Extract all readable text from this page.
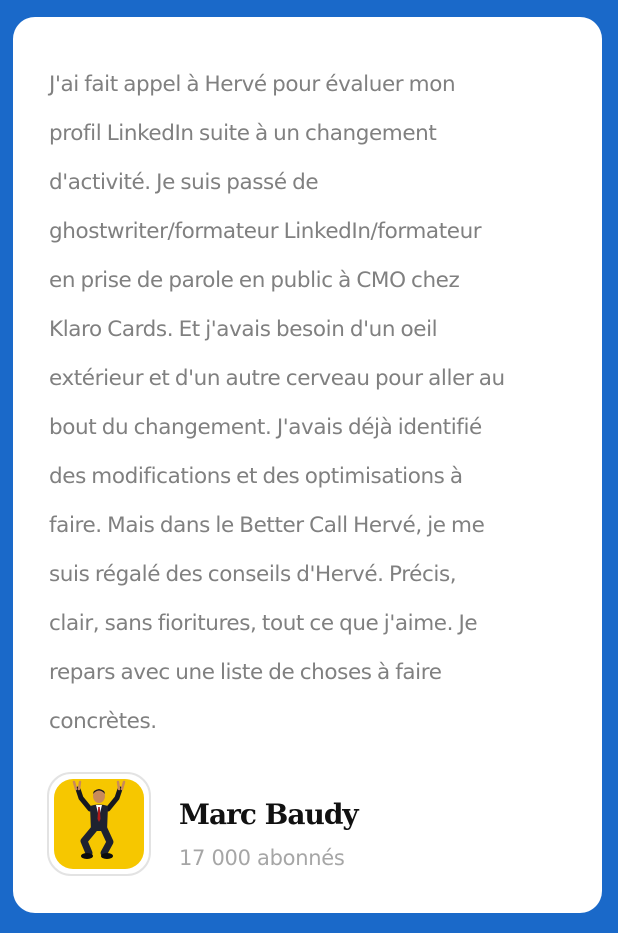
J'ai fait appel à Hervé pour évaluer mon
profil LinkedIn suite à un changement
d'activité. Je suis passé de
ghostwriter/formateur LinkedIn/formateur
en prise de parole en public à CMO chez
Klaro Cards. Et j'avais besoin d'un oeil
extérieur et d'un autre cerveau pour aller au
bout du changement. J'avais déjà identifié
des modifications et des optimisations à
faire. Mais dans le Better Call Hervé, je me
suis régalé des conseils d'Hervé. Précis,
clair, sans fioritures, tout ce que j'aime. Je
repars avec une liste de choses à faire
concrètes.

Marc Baudy
17 000 abonnés
